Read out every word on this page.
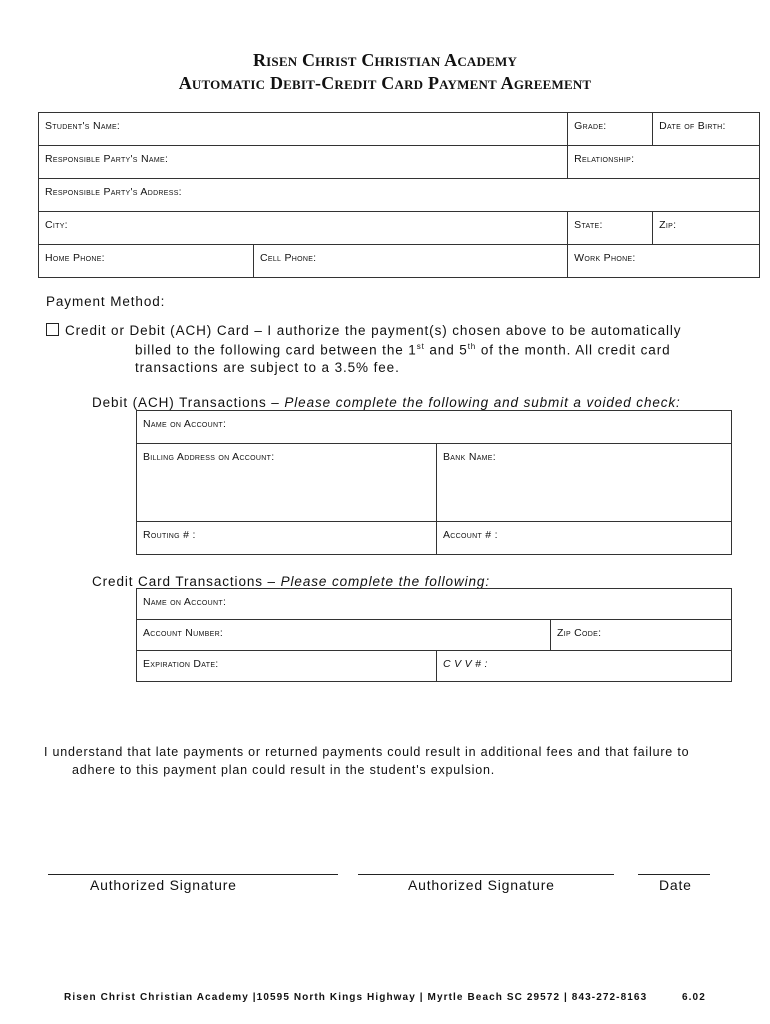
Risen Christ Christian Academy
Automatic Debit-Credit Card Payment Agreement
Student's Name:		Grade:	Date of Birth:
Responsible Party's Name:		Relationship:	
Responsible Party's Address:			
City:		State:	Zip:
Home Phone:	Cell Phone:	Work Phone:	
Payment Method:
Credit or Debit (ACH) Card – I authorize the payment(s) chosen above to be automatically
billed to the following card between the 1st and 5th of the month. All credit card
transactions are subject to a 3.5% fee.
Debit (ACH) Transactions – Please complete the following and submit a voided check:
Name on Account:	
Billing Address on Account:	Bank Name:
Routing # :	Account # :
Credit Card Transactions – Please complete the following:
Name on Account:		
Account Number:		Zip Code:
Expiration Date:	C V V # :	
I understand that late payments or returned payments could result in additional fees and that failure to
adhere to this payment plan could result in the student's expulsion.
Authorized Signature	Authorized Signature	Date
Risen Christ Christian Academy |10595 North Kings Highway | Myrtle Beach SC 29572 | 843-272-8163	6.02
